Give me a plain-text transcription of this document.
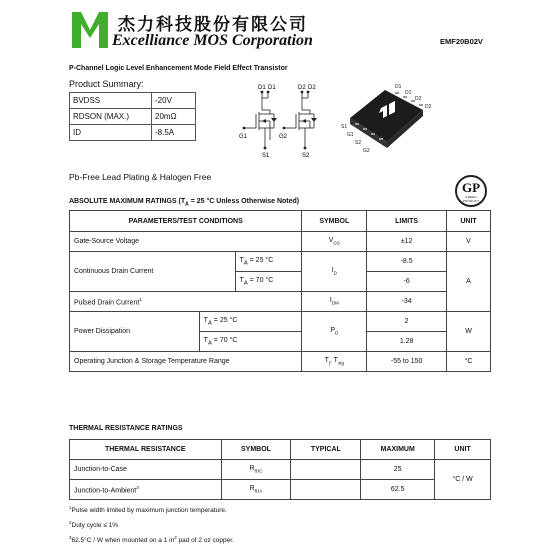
杰力科技股份有限公司
Excelliance MOS Corporation	EMF20B02V
P-Channel Logic Level Enhancement Mode Field Effect Transistor
Product Summary:
BVDSS	-20V
RDSON (MAX.)	20mΩ
ID	-8.5A
D1 D1	D2 D2
G1	G2
S1	S2
D1
D1
D2
D2
S1
G1
S2
G2
Pb-Free Lead Plating & Halogen Free
GP
GREEN PRODUCT
ABSOLUTE MAXIMUM RATINGS ($T_A = 25$ °C Unless Otherwise Noted)
PARAMETERS/TEST CONDITIONS			SYMBOL	LIMITS	UNIT
Gate-Source Voltage			$V_{GS}$	±12	V
Continuous Drain Current		$T_A = 25$ °C	$I_D$	-8.5	A
		$T_A = 70$ °C		-6	
Pulsed Drain Current$^1$			$I_{DM}$	-34	
Power Dissipation	$T_A = 25$ °C		$P_D$	2	W
	$T_A = 70$ °C			1.28	
Operating Junction & Storage Temperature Range			$T_j$, $T_{stg}$	-55 to 150	°C
THERMAL RESISTANCE RATINGS
THERMAL RESISTANCE	SYMBOL	TYPICAL	MAXIMUM	UNIT
Junction-to-Case	$R_{\theta JC}$		25	°C / W
Junction-to-Ambient$^3$	$R_{\theta JA}$		62.5	
$^1$Pulse width limited by maximum junction temperature.
$^2$Duty cycle ≤ 1%
$^3$62.5°C / W when mounted on a 1 $in^2$ pad of 2 oz copper.
